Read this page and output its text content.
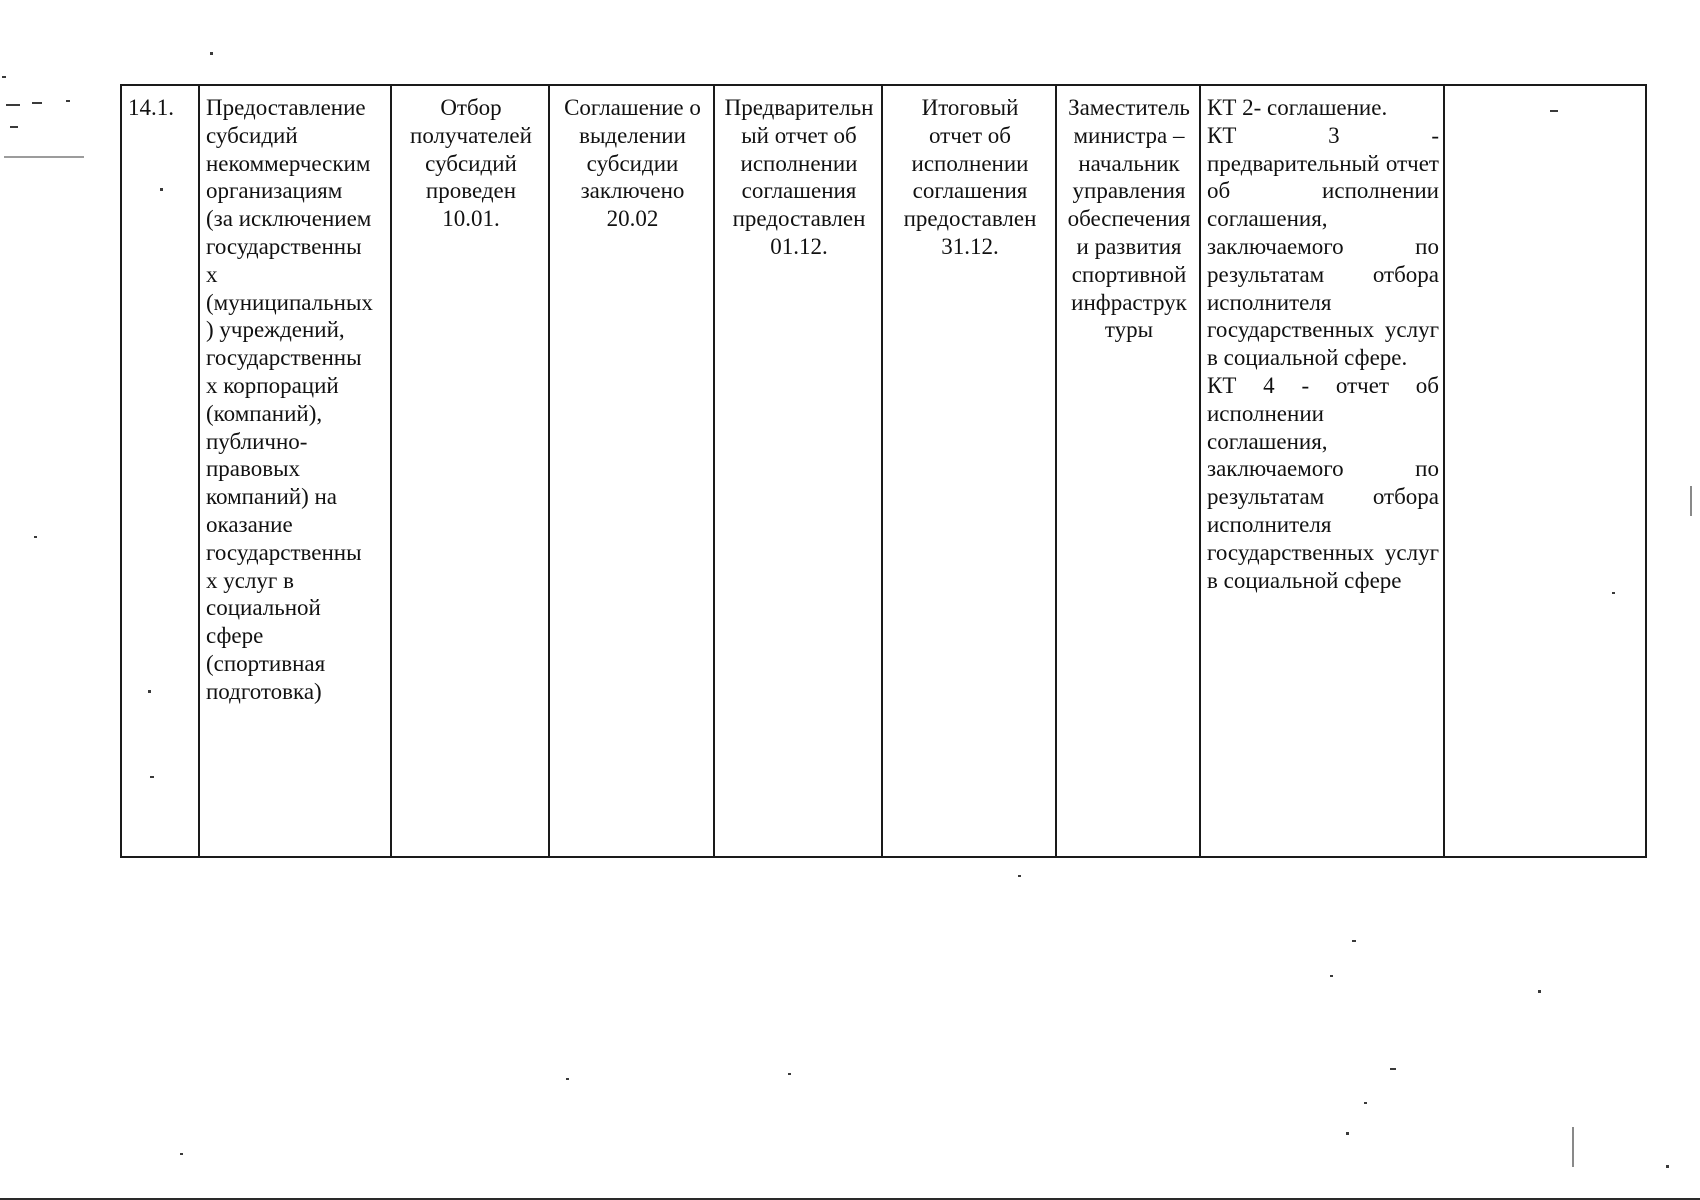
14.1.	Предоставление
субсидий
некоммерческим
организациям
(за исключением
государственны
х
(муниципальных
) учреждений,
государственны
х корпораций
(компаний),
публично-
правовых
компаний) на
оказание
государственны
х услуг в
социальной
сфере
(спортивная
подготовка)	Отбор
получателей
субсидий
проведен
10.01.	Соглашение о
выделении
субсидии
заключено
20.02	Предварительн
ый отчет об
исполнении
соглашения
предоставлен
01.12.	Итоговый
отчет об
исполнении
соглашения
предоставлен
31.12.	Заместитель
министра –
начальник
управления
обеспечения
и развития
спортивной
инфраструк
туры	
КТ 2- соглашение.
КТ 3 - предварительный отчет об исполнении соглашения, заключаемого по результатам отбора исполнителя государственных услуг в социальной сфере.
КТ 4 - отчет об исполнении соглашения, заключаемого по результатам отбора исполнителя государственных услуг в социальной сфере
